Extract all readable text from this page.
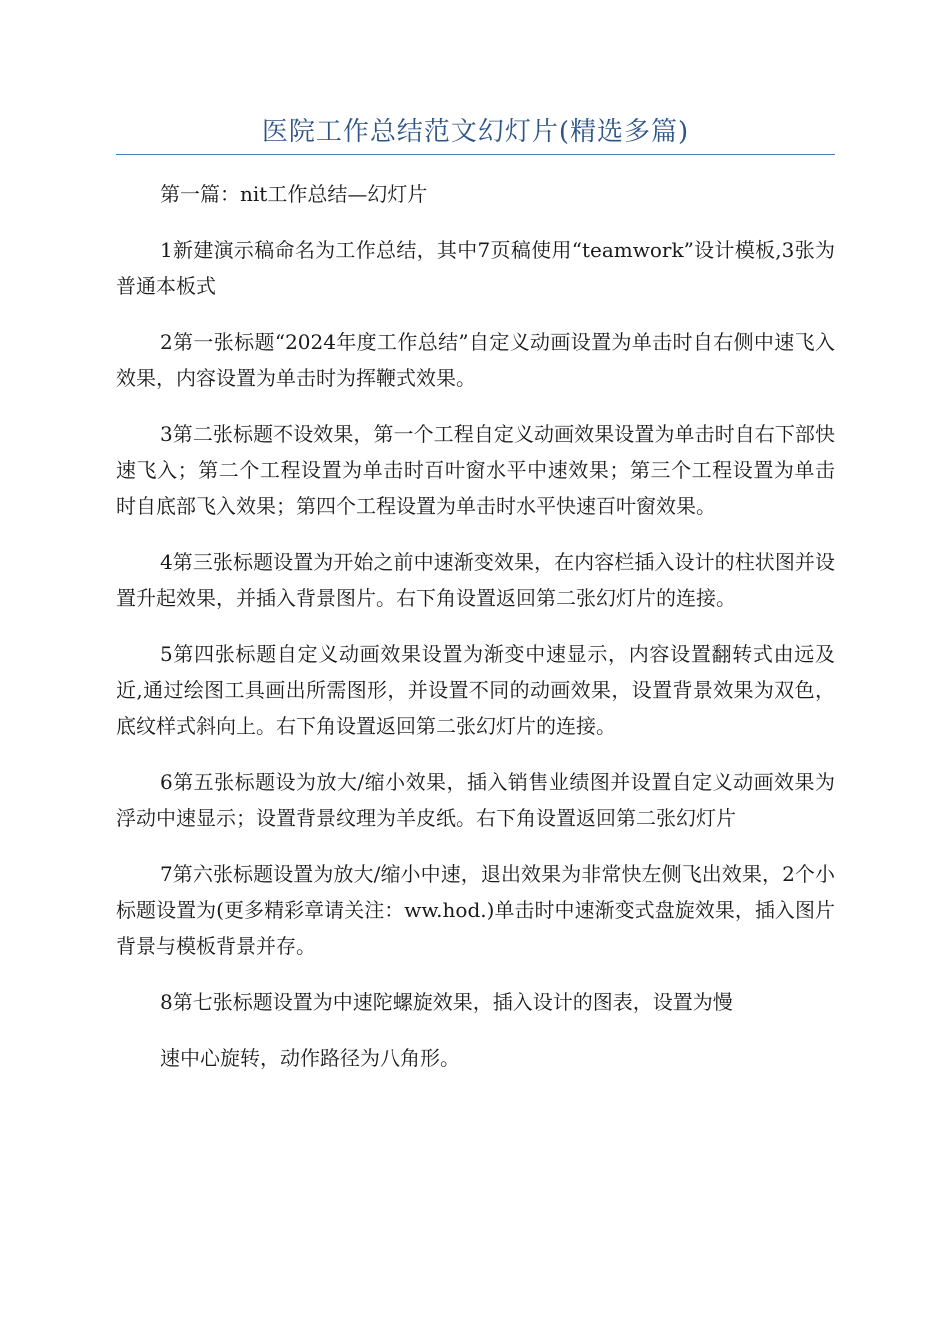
医院工作总结范文幻灯片(精选多篇)

第一篇：nit工作总结—幻灯片

1新建演示稿命名为工作总结，其中7页稿使用“teamwork”设计模板,3张为普通本板式

2第一张标题“2024年度工作总结”自定义动画设置为单击时自右侧中速飞入效果，内容设置为单击时为挥鞭式效果。

3第二张标题不设效果，第一个工程自定义动画效果设置为单击时自右下部快速飞入；第二个工程设置为单击时百叶窗水平中速效果；第三个工程设置为单击时自底部飞入效果；第四个工程设置为单击时水平快速百叶窗效果。

4第三张标题设置为开始之前中速渐变效果，在内容栏插入设计的柱状图并设置升起效果，并插入背景图片。右下角设置返回第二张幻灯片的连接。

5第四张标题自定义动画效果设置为渐变中速显示，内容设置翻转式由远及近,通过绘图工具画出所需图形，并设置不同的动画效果，设置背景效果为双色，底纹样式斜向上。右下角设置返回第二张幻灯片的连接。

6第五张标题设为放大/缩小效果，插入销售业绩图并设置自定义动画效果为浮动中速显示；设置背景纹理为羊皮纸。右下角设置返回第二张幻灯片

7第六张标题设置为放大/缩小中速，退出效果为非常快左侧飞出效果，2个小标题设置为(更多精彩章请关注：ww.hod.)单击时中速渐变式盘旋效果，插入图片背景与模板背景并存。

8第七张标题设置为中速陀螺旋效果，插入设计的图表，设置为慢

速中心旋转，动作路径为八角形。
